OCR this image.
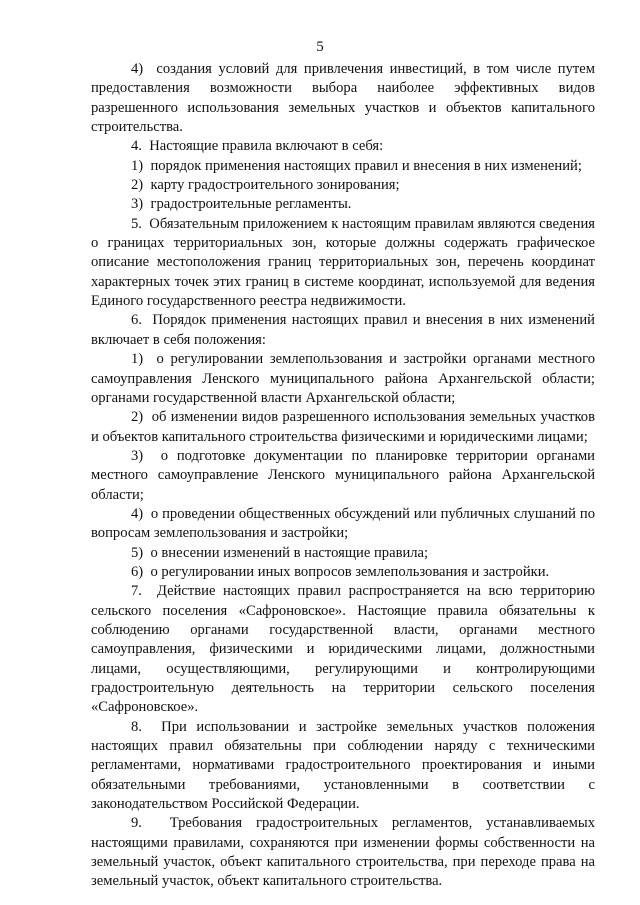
5

4)  создания условий для привлечения инвестиций, в том числе путем предоставления возможности выбора наиболее эффективных видов разрешенного использования земельных участков и объектов капитального строительства.

4.  Настоящие правила включают в себя:

1)  порядок применения настоящих правил и внесения в них изменений;

2)  карту градостроительного зонирования;

3)  градостроительные регламенты.

5.  Обязательным приложением к настоящим правилам являются сведения о границах территориальных зон, которые должны содержать графическое описание местоположения границ территориальных зон, перечень координат характерных точек этих границ в системе координат, используемой для ведения Единого государственного реестра недвижимости.

6.  Порядок применения настоящих правил и внесения в них изменений включает в себя положения:

1)  о регулировании землепользования и застройки органами местного самоуправления Ленского муниципального района Архангельской области; органами государственной власти Архангельской области;

2)  об изменении видов разрешенного использования земельных участков и объектов капитального строительства физическими и юридическими лицами;

3)  о подготовке документации по планировке территории органами местного самоуправление Ленского муниципального района Архангельской области;

4)  о проведении общественных обсуждений или публичных слушаний по вопросам землепользования и застройки;

5)  о внесении изменений в настоящие правила;

6)  о регулировании иных вопросов землепользования и застройки.

7.  Действие настоящих правил распространяется на всю территорию сельского поселения «Сафроновское». Настоящие правила обязательны к соблюдению органами государственной власти, органами местного самоуправления, физическими и юридическими лицами, должностными лицами, осуществляющими, регулирующими и контролирующими градостроительную деятельность на территории сельского поселения «Сафроновское».

8.  При использовании и застройке земельных участков положения настоящих правил обязательны при соблюдении наряду с техническими регламентами, нормативами градостроительного проектирования и иными обязательными требованиями, установленными в соответствии с законодательством Российской Федерации.

9.  Требования градостроительных регламентов, устанавливаемых настоящими правилами, сохраняются при изменении формы собственности на земельный участок, объект капитального строительства, при переходе права на земельный участок, объект капитального строительства.
